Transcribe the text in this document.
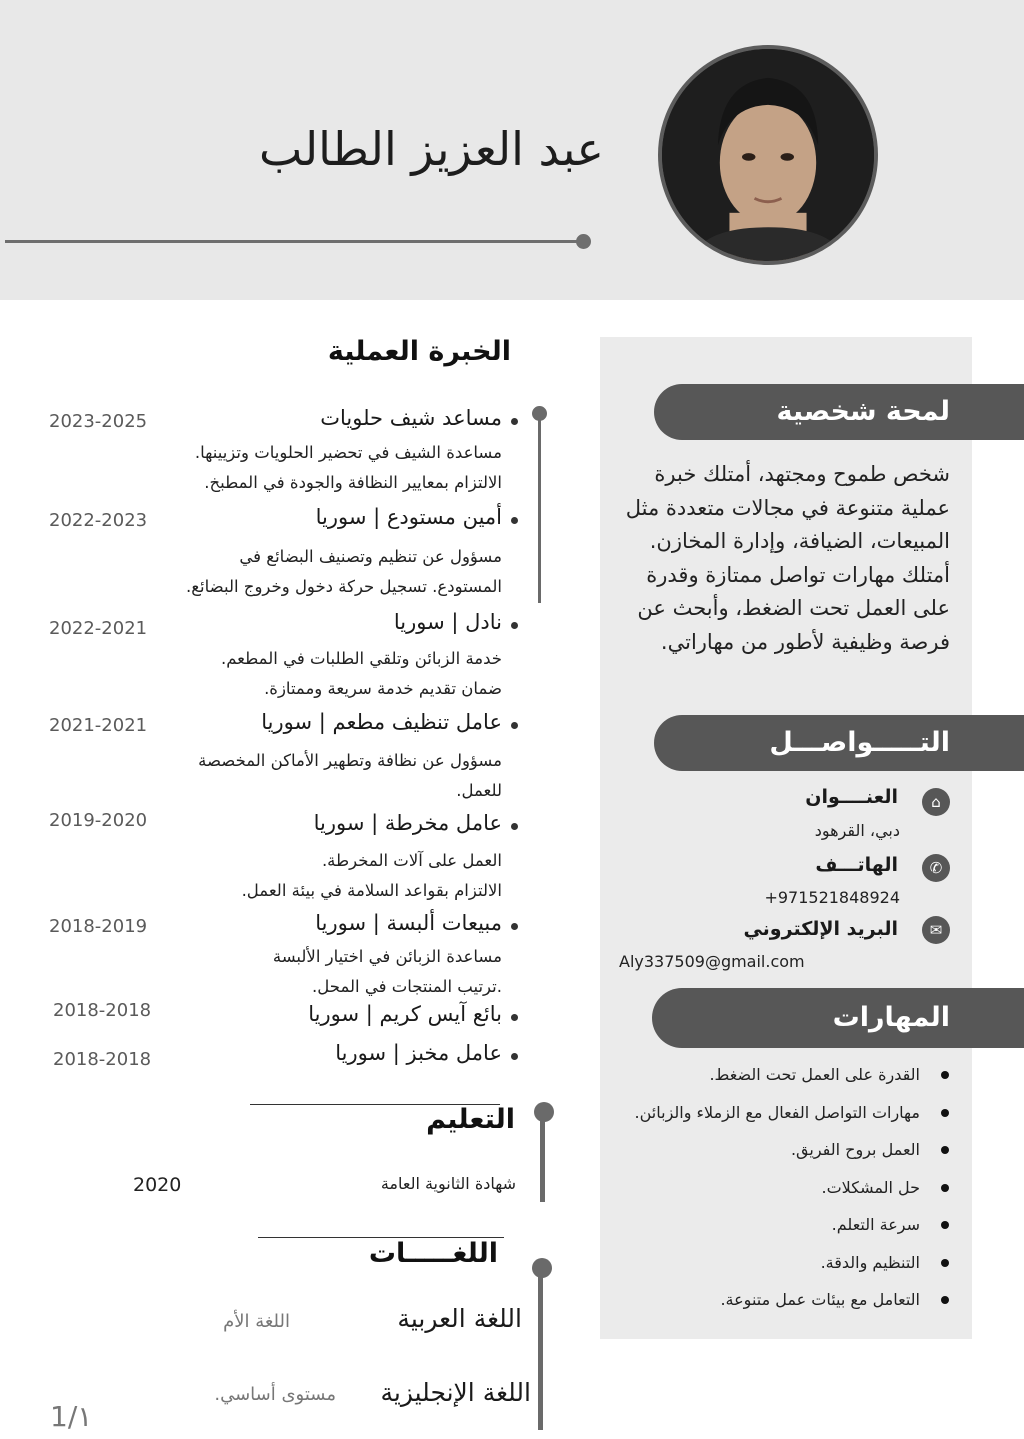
عبد العزيز الطالب
لمحة شخصية
شخص طموح ومجتهد، أمتلك خبرة عملية متنوعة في مجالات متعددة مثل المبيعات، الضيافة، وإدارة المخازن. أمتلك مهارات تواصل ممتازة وقدرة على العمل تحت الضغط، وأبحث عن فرصة وظيفية لأطور من مهاراتي.
التـــــواصـــل
⌂
العنــــوان
دبي، القرهود
✆
الهاتـــف
+971521848924
✉
البريد الإلكتروني
Aly337509@gmail.com
المهارات
القدرة على العمل تحت الضغط.
مهارات التواصل الفعال مع الزملاء والزبائن.
العمل بروح الفريق.
حل المشكلات.
سرعة التعلم.
التنظيم والدقة.
التعامل مع بيئات عمل متنوعة.
الخبرة العملية
مساعد شيف حلويات
2023-2025
مساعدة الشيف في تحضير الحلويات وتزيينها.
الالتزام بمعايير النظافة والجودة في المطبخ.
أمين مستودع | سوريا
2022-2023
مسؤول عن تنظيم وتصنيف البضائع في
المستودع. تسجيل حركة دخول وخروج البضائع.
نادل | سوريا
2022-2021
خدمة الزبائن وتلقي الطلبات في المطعم.
ضمان تقديم خدمة سريعة وممتازة.
عامل تنظيف مطعم | سوريا
2021-2021
مسؤول عن نظافة وتطهير الأماكن المخصصة
للعمل.
عامل مخرطة | سوريا
2019-2020
العمل على آلات المخرطة.
الالتزام بقواعد السلامة في بيئة العمل.
مبيعات ألبسة | سوريا
2018-2019
مساعدة الزبائن في اختيار الألبسة
.ترتيب المنتجات في المحل.
بائع آيس كريم | سوريا
2018-2018
عامل مخبز | سوريا
2018-2018
التعليم
شهادة الثانوية العامة
2020
اللغـــــات
اللغة العربية
اللغة الأم
اللغة الإنجليزية
مستوى أساسي.
1/١
